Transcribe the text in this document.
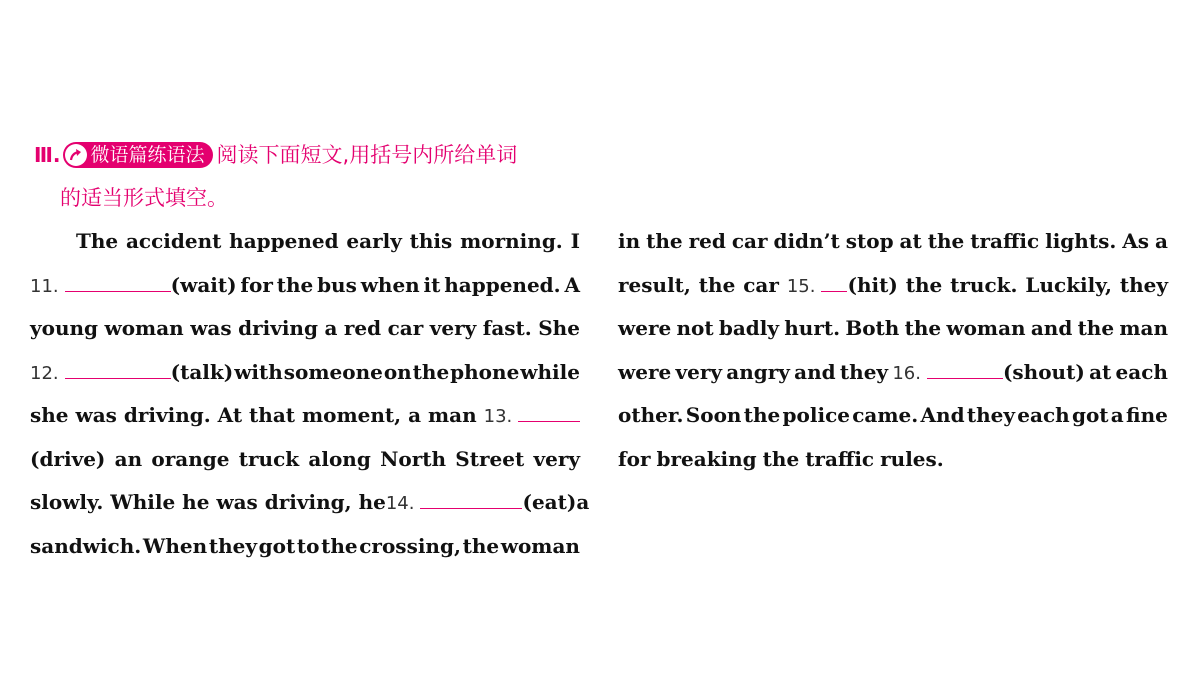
Ⅲ. 微语篇练语法 阅读下面短文,用括号内所给单词
的适当形式填空。
The accident happened early this morning. I
11.	(wait) for the bus when it happened. A
young woman was driving a red car very fast. She
12.	(talk) with someone on the phone while
she was driving. At that moment, a man 13.
(drive) an orange truck along North Street very
slowly. While he was driving, he 14.	(eat) a
sandwich. When they got to the crossing, the woman
in the red car didn’t stop at the traffic lights. As a
result, the car 15. (hit) the truck. Luckily, they
were not badly hurt. Both the woman and the man
were very angry and they 16.	(shout) at each
other. Soon the police came. And they each got a fine
for breaking the traffic rules.
